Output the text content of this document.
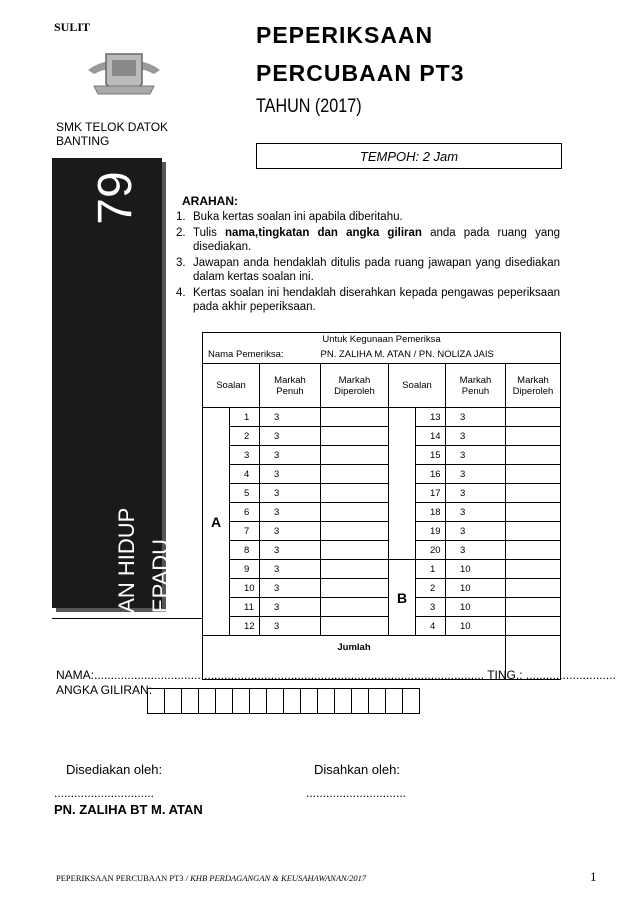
SULIT	PEPERIKSAAN
PERCUBAAN PT3
TAHUN (2017)
SMK TELOK DATOK BANTING
TEMPOH: 2 Jam
79
KEMAHIRAN HIDUP BERSEPADU perdagangan & keusahawanan
ARAHAN:
1. Buka kertas soalan ini apabila diberitahu.
2. Tulis nama,tingkatan dan angka giliran anda pada ruang yang disediakan.
3. Jawapan anda hendaklah ditulis pada ruang jawapan yang disediakan dalam kertas soalan ini.
4. Kertas soalan ini hendaklah diserahkan kepada pengawas peperiksaan pada akhir peperiksaan.
Untuk Kegunaan Pemeriksa							
Nama Pemeriksa:			PN. ZALIHA M. ATAN / PN. NOLIZA JAIS				
Soalan		Markah Penuh	Markah Diperoleh	Soalan		Markah Penuh	Markah Diperoleh
A	1	3			13	3	
	2	3			14	3	
	3	3			15	3	
	4	3			16	3	
	5	3			17	3	
	6	3			18	3	
	7	3			19	3	
	8	3			20	3	
	9	3		B	1	10	
	10	3			2	10	
	11	3			3	10	
	12	3			4	10	
Jumlah							
NAMA:..................................................................................................................... TING.: ...........................
ANGKA GILIRAN:
Disediakan oleh:	Disahkan oleh:
..............................	..............................
PN. ZALIHA BT M. ATAN
PEPERIKSAAN PERCUBAAN PT3 / KHB PERDAGANGAN & KEUSAHAWANAN/2017	1
